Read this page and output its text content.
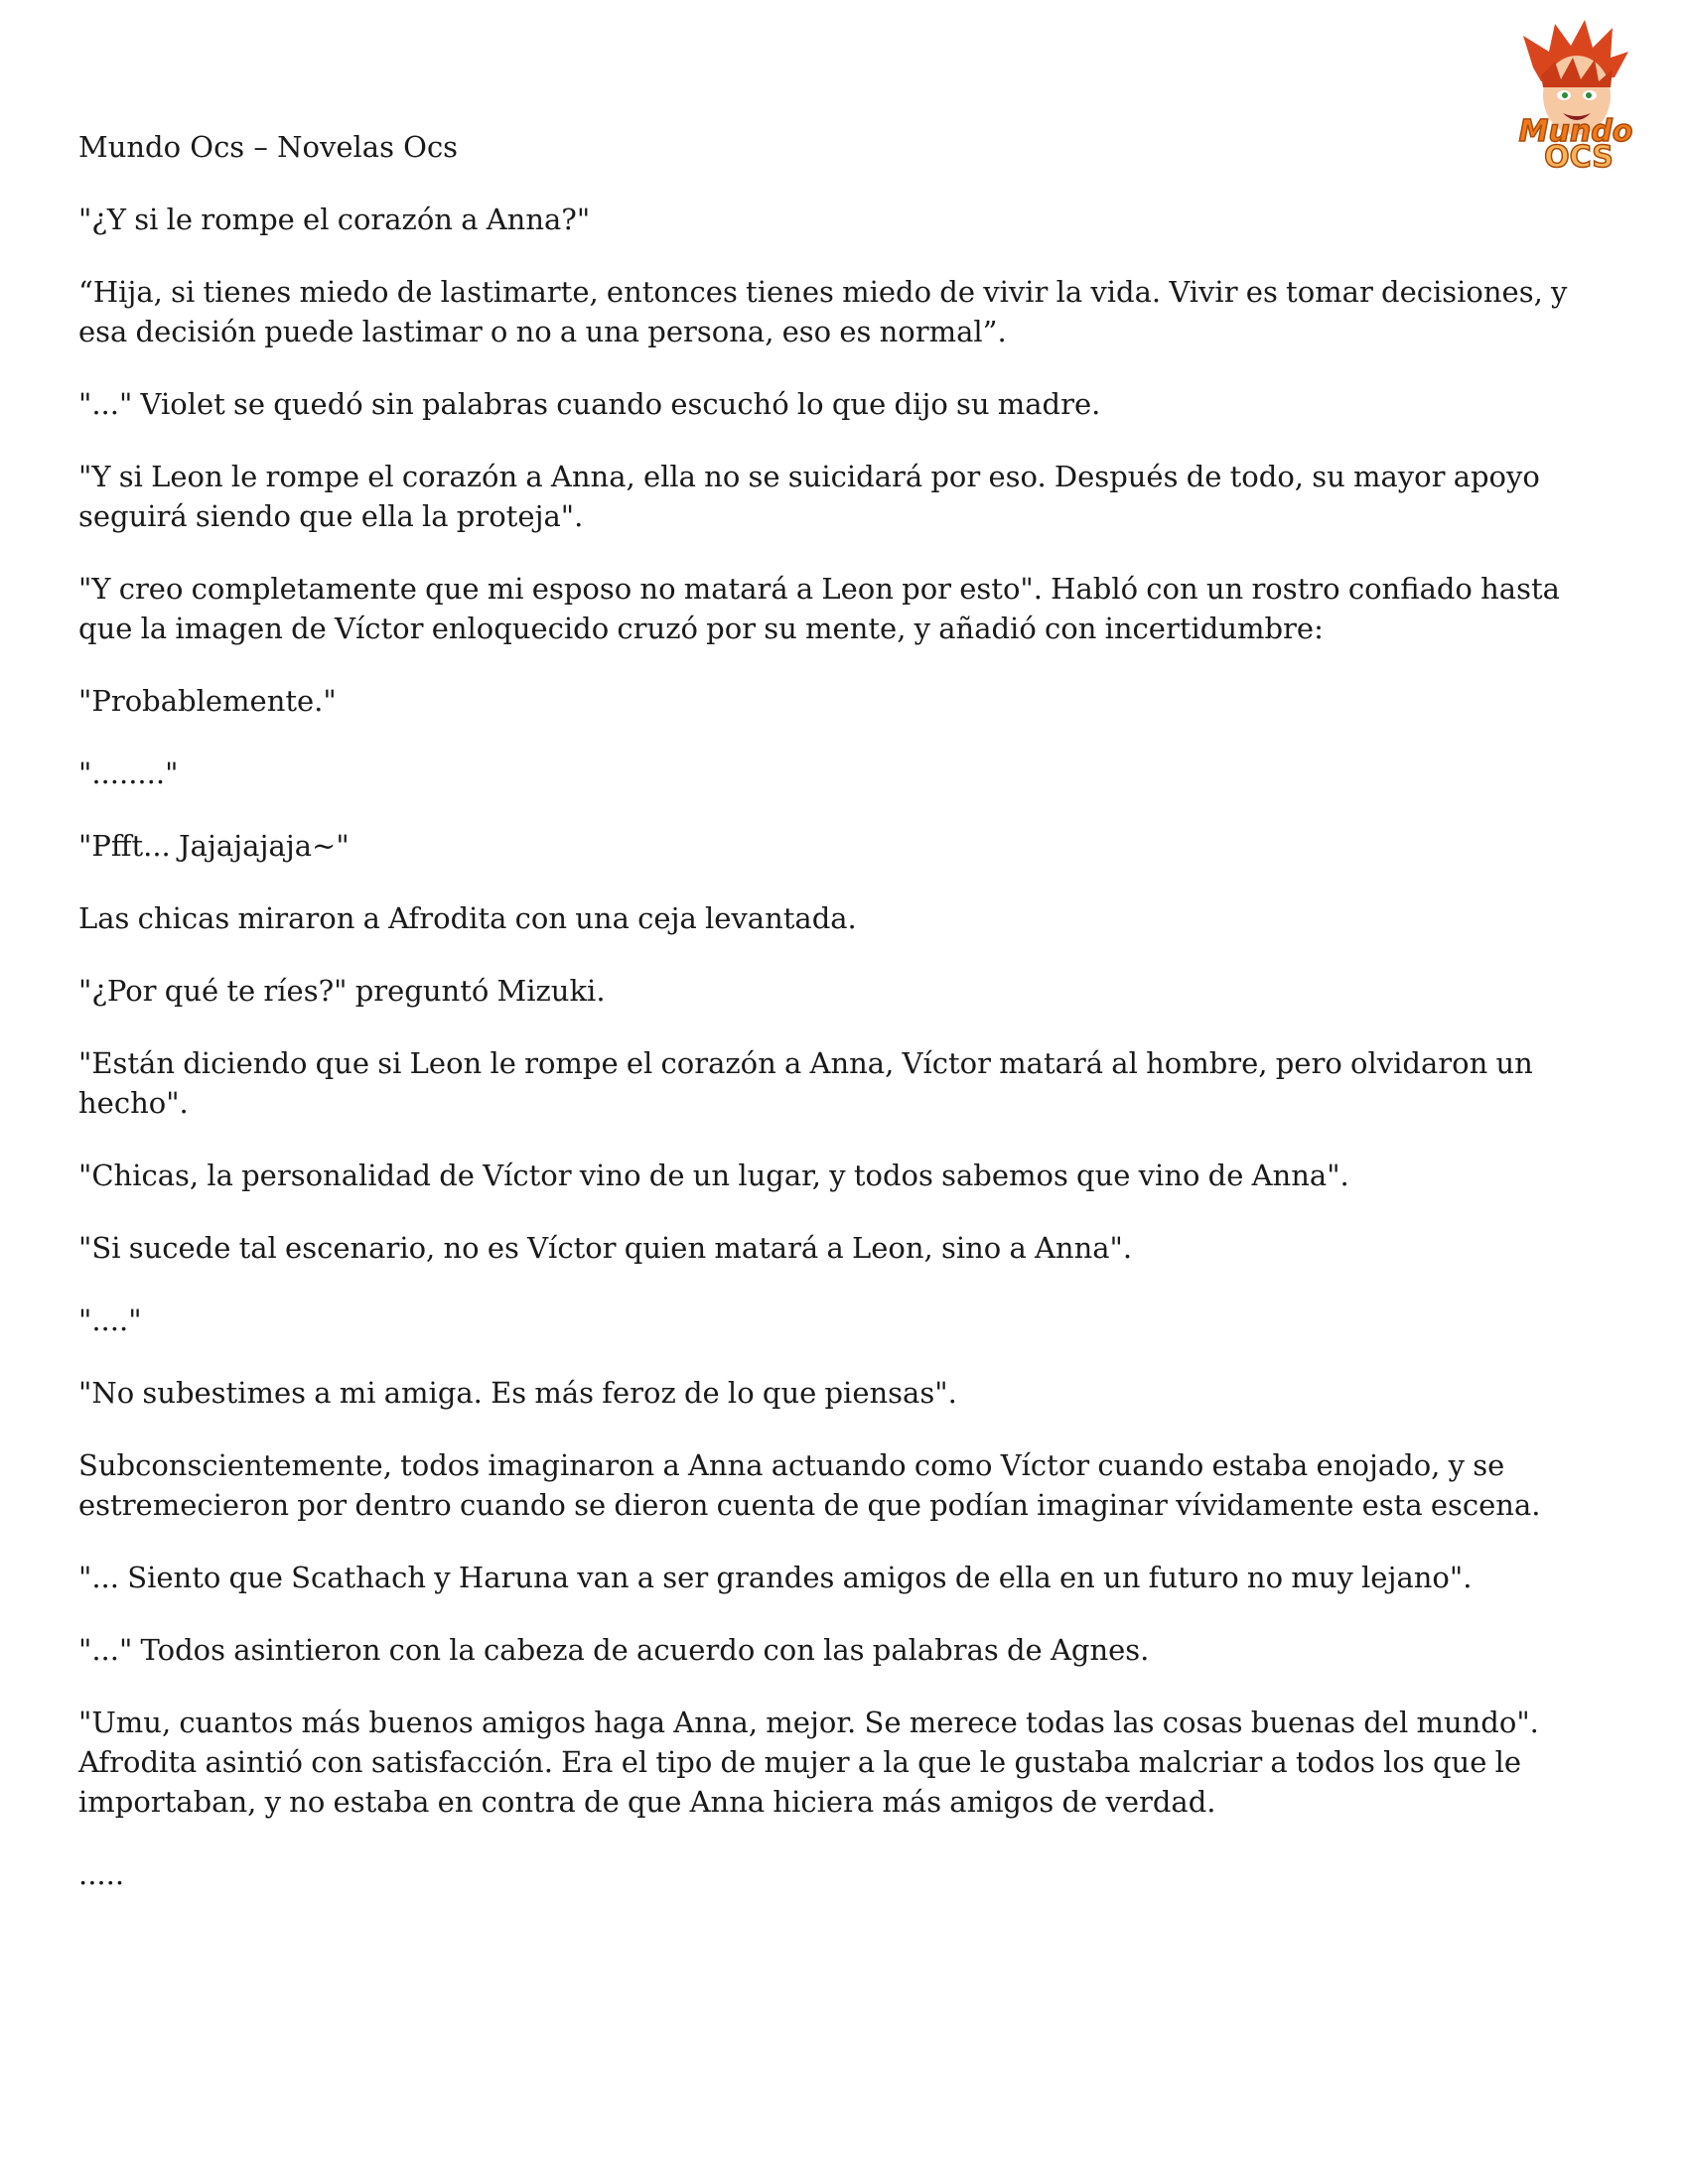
Mundo
OCS

Mundo Ocs – Novelas Ocs

"¿Y si le rompe el corazón a Anna?"

“Hija, si tienes miedo de lastimarte, entonces tienes miedo de vivir la vida. Vivir es tomar decisiones, y esa decisión puede lastimar o no a una persona, eso es normal”.

"..." Violet se quedó sin palabras cuando escuchó lo que dijo su madre.

"Y si Leon le rompe el corazón a Anna, ella no se suicidará por eso. Después de todo, su mayor apoyo seguirá siendo que ella la proteja".

"Y creo completamente que mi esposo no matará a Leon por esto". Habló con un rostro confiado hasta que la imagen de Víctor enloquecido cruzó por su mente, y añadió con incertidumbre:

"Probablemente."

"........"

"Pfft... Jajajajaja~"

Las chicas miraron a Afrodita con una ceja levantada.

"¿Por qué te ríes?" preguntó Mizuki.

"Están diciendo que si Leon le rompe el corazón a Anna, Víctor matará al hombre, pero olvidaron un hecho".

"Chicas, la personalidad de Víctor vino de un lugar, y todos sabemos que vino de Anna".

"Si sucede tal escenario, no es Víctor quien matará a Leon, sino a Anna".

"...."

"No subestimes a mi amiga. Es más feroz de lo que piensas".

Subconscientemente, todos imaginaron a Anna actuando como Víctor cuando estaba enojado, y se estremecieron por dentro cuando se dieron cuenta de que podían imaginar vívidamente esta escena.

"... Siento que Scathach y Haruna van a ser grandes amigos de ella en un futuro no muy lejano".

"..." Todos asintieron con la cabeza de acuerdo con las palabras de Agnes.

"Umu, cuantos más buenos amigos haga Anna, mejor. Se merece todas las cosas buenas del mundo". Afrodita asintió con satisfacción. Era el tipo de mujer a la que le gustaba malcriar a todos los que le importaban, y no estaba en contra de que Anna hiciera más amigos de verdad.

.....
